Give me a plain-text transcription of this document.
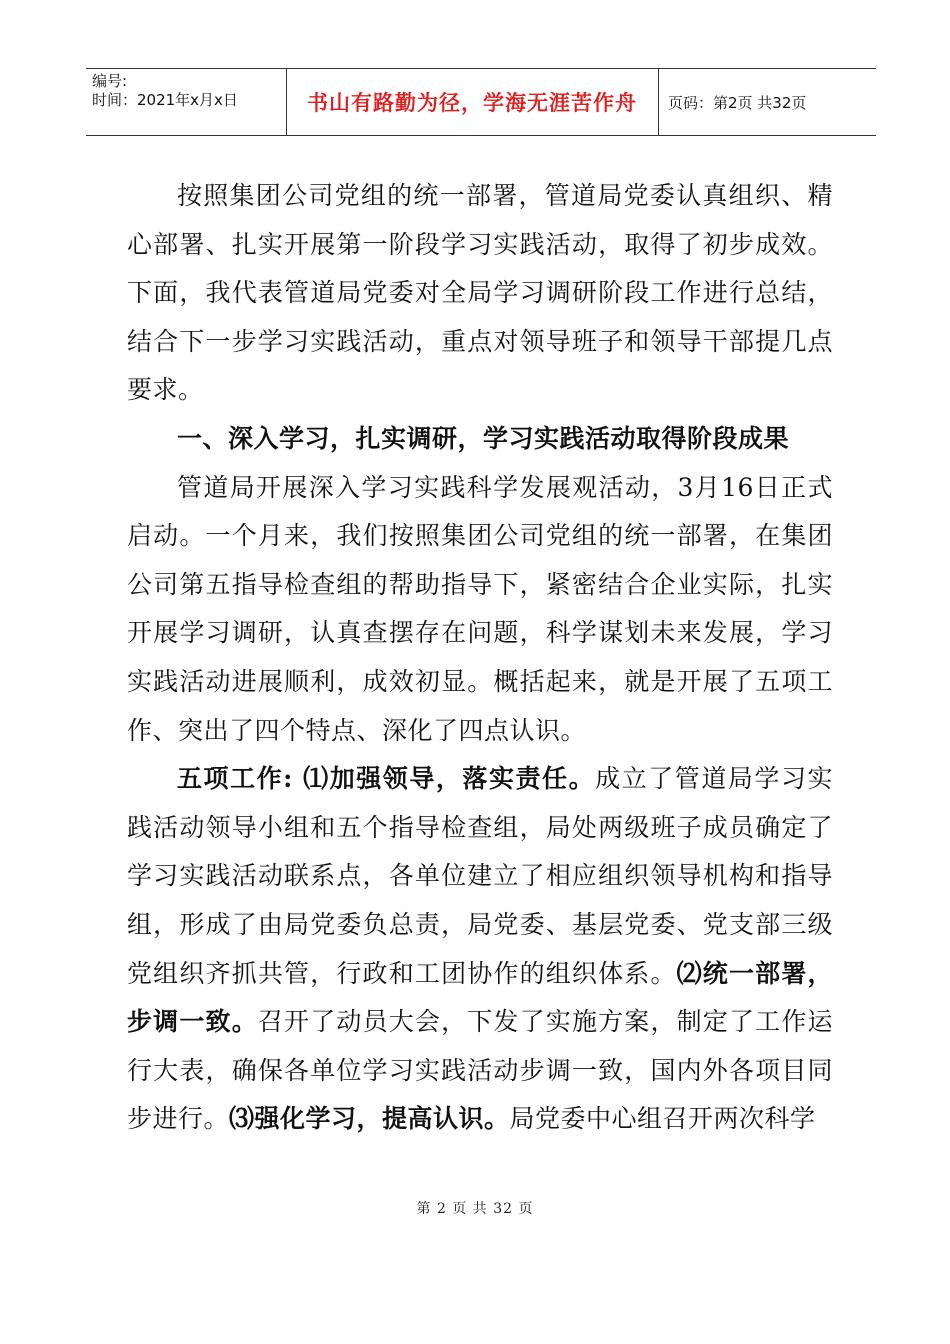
编号:
时间：2021年x月x日	书山有路勤为径，学海无涯苦作舟	页码：第2页 共32页

按照集团公司党组的统一部署，管道局党委认真组织、精心部署、扎实开展第一阶段学习实践活动，取得了初步成效。下面，我代表管道局党委对全局学习调研阶段工作进行总结，结合下一步学习实践活动，重点对领导班子和领导干部提几点要求。

一、深入学习，扎实调研，学习实践活动取得阶段成果

管道局开展深入学习实践科学发展观活动，3月16日正式启动。一个月来，我们按照集团公司党组的统一部署，在集团公司第五指导检查组的帮助指导下，紧密结合企业实际，扎实开展学习调研，认真查摆存在问题，科学谋划未来发展，学习实践活动进展顺利，成效初显。概括起来，就是开展了五项工作、突出了四个特点、深化了四点认识。

五项工作: ⑴加强领导，落实责任。成立了管道局学习实践活动领导小组和五个指导检查组，局处两级班子成员确定了学习实践活动联系点，各单位建立了相应组织领导机构和指导组，形成了由局党委负总责，局党委、基层党委、党支部三级党组织齐抓共管，行政和工团协作的组织体系。⑵统一部署，步调一致。召开了动员大会，下发了实施方案，制定了工作运行大表，确保各单位学习实践活动步调一致，国内外各项目同步进行。⑶强化学习，提高认识。局党委中心组召开两次科学

第 2 页 共 32 页
